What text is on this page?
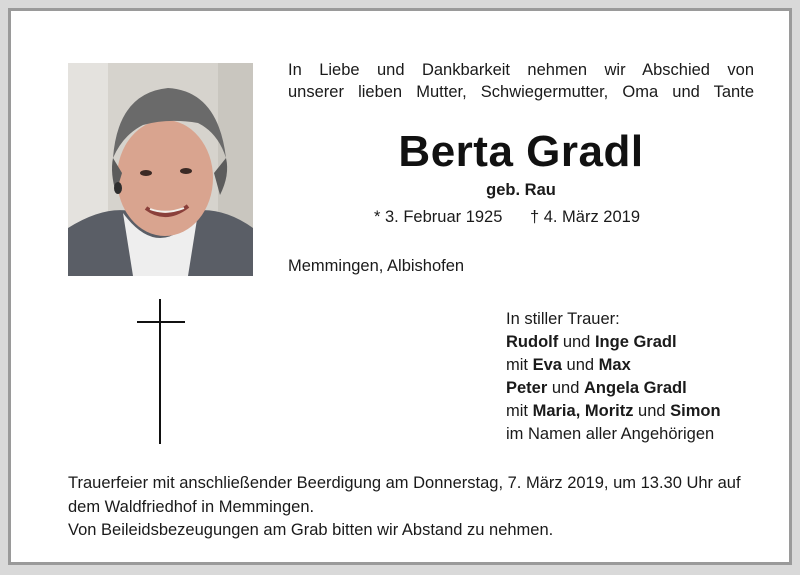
In Liebe und Dankbarkeit nehmen wir Abschied von
unserer lieben Mutter, Schwiegermutter, Oma und Tante
Berta Gradl
geb. Rau
* 3. Februar 1925 † 4. März 2019
Memmingen, Albishofen
In stiller Trauer:
Rudolf und Inge Gradl
mit Eva und Max
Peter und Angela Gradl
mit Maria, Moritz und Simon
im Namen aller Angehörigen
Trauerfeier mit anschließender Beerdigung am Donnerstag, 7. März 2019, um 13.30 Uhr auf dem Waldfriedhof in Memmingen.
Von Beileidsbezeugungen am Grab bitten wir Abstand zu nehmen.
